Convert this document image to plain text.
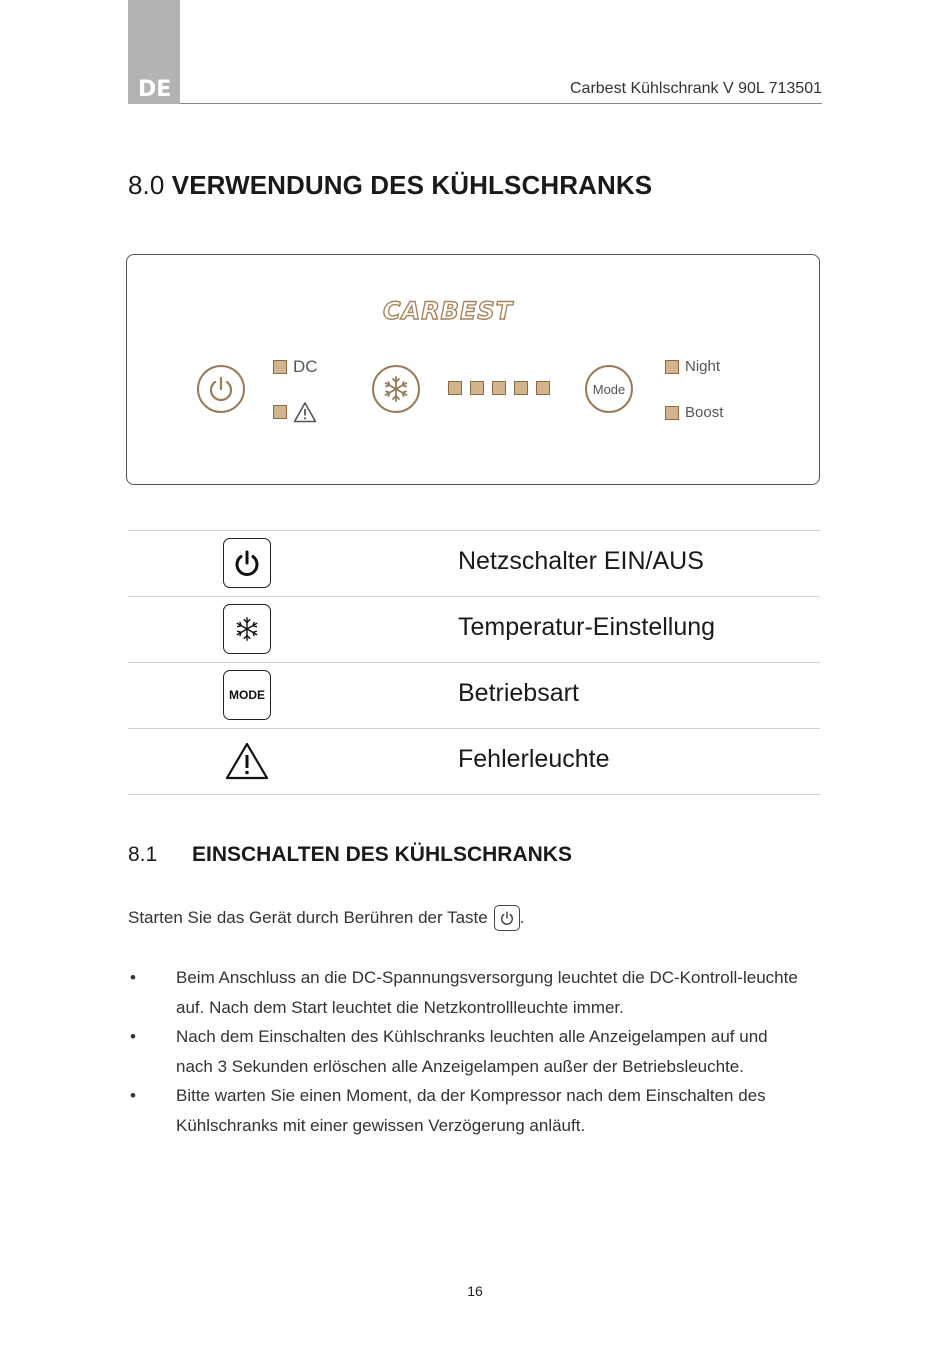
DE	Carbest Kühlschrank V 90L 713501
8.0 VERWENDUNG DES KÜHLSCHRANKS
CARBEST
DC
Mode
Night
Boost
Netzschalter EIN/AUS
Temperatur-Einstellung
MODE	Betriebsart
Fehlerleuchte
8.1 EINSCHALTEN DES KÜHLSCHRANKS
Starten Sie das Gerät durch Berühren der Taste .
• Beim Anschluss an die DC-Spannungsversorgung leuchtet die DC-Kontroll-leuchte auf. Nach dem Start leuchtet die Netzkontrollleuchte immer.
• Nach dem Einschalten des Kühlschranks leuchten alle Anzeigelampen auf und nach 3 Sekunden erlöschen alle Anzeigelampen außer der Betriebsleuchte.
• Bitte warten Sie einen Moment, da der Kompressor nach dem Einschalten des Kühlschranks mit einer gewissen Verzögerung anläuft.
16
